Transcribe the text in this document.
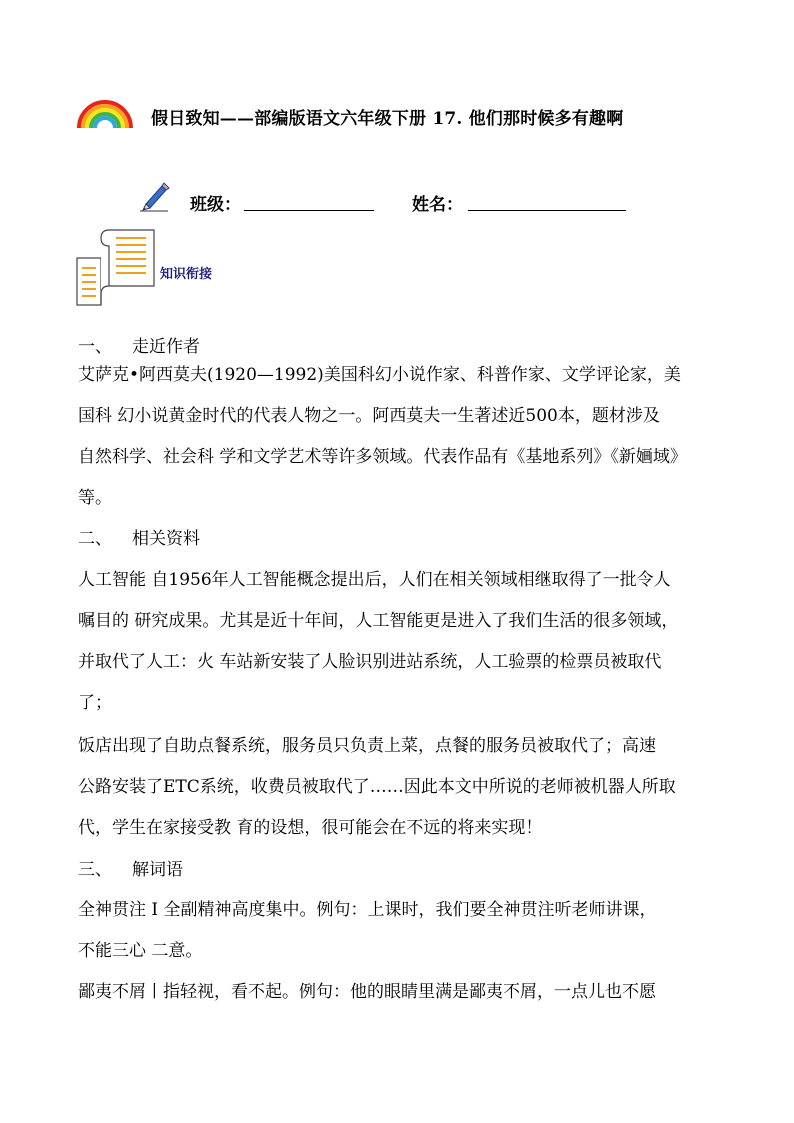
假日致知——部编版语文六年级下册 17. 他们那时候多有趣啊
班级：	姓名：
知识衔接
一、 走近作者
艾萨克•阿西莫夫(1920—1992)美国科幻小说作家、科普作家、文学评论家，美
国科 幻小说黄金时代的代表人物之一。阿西莫夫一生著述近500本，题材涉及
自然科学、社会科 学和文学艺术等许多领域。代表作品有《基地系列》《新婳域》
等。
二、 相关资料
人工智能 自1956年人工智能概念提出后，人们在相关领域相继取得了一批令人
嘱目的 研究成果。尤其是近十年间，人工智能更是进入了我们生活的很多领域，
并取代了人工：火 车站新安装了人脸识别进站系统，人工验票的检票员被取代
了；
饭店出现了自助点餐系统，服务员只负责上菜，点餐的服务员被取代了；高速
公路安装了ETC系统，收费员被取代了……因此本文中所说的老师被机器人所取
代，学生在家接受教 育的设想，很可能会在不远的将来实现！
三、 解词语
全神贯注 I 全副精神高度集中。例句：上课时，我们要全神贯注听老师讲课，
不能三心 二意。
鄙夷不屑丨指轻视，看不起。例句：他的眼睛里满是鄙夷不屑，一点儿也不愿
